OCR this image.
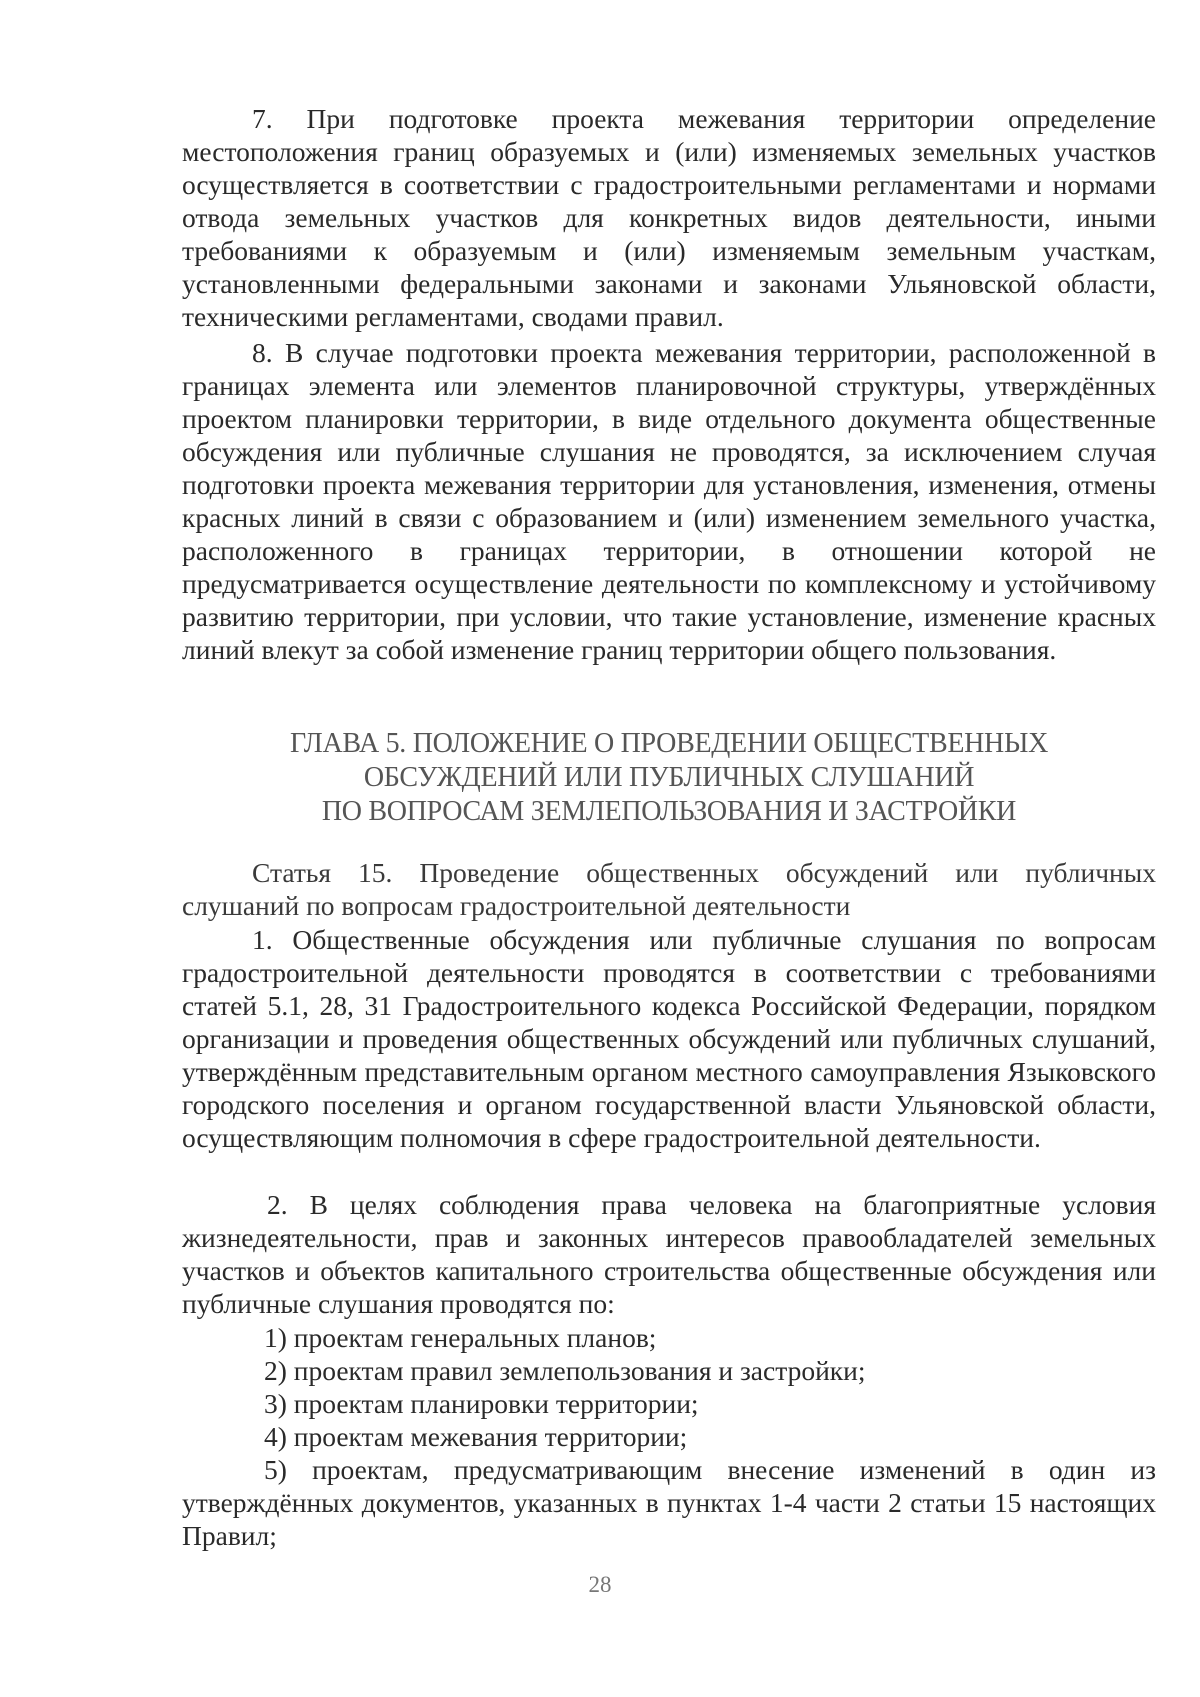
7. При подготовке проекта межевания территории определение местоположения границ образуемых и (или) изменяемых земельных участков осуществляется в соответствии с градостроительными регламентами и нормами отвода земельных участков для конкретных видов деятельности, иными требованиями к образуемым и (или) изменяемым земельным участкам, установленными федеральными законами и законами Ульяновской области, техническими регламентами, сводами правил.

8. В случае подготовки проекта межевания территории, расположенной в границах элемента или элементов планировочной структуры, утверждённых проектом планировки территории, в виде отдельного документа общественные обсуждения или публичные слушания не проводятся, за исключением случая подготовки проекта межевания территории для установления, изменения, отмены красных линий в связи с образованием и (или) изменением земельного участка, расположенного в границах территории, в отношении которой не предусматривается осуществление деятельности по комплексному и устойчивому развитию территории, при условии, что такие установление, изменение красных линий влекут за собой изменение границ территории общего пользования.

ГЛАВА 5. ПОЛОЖЕНИЕ О ПРОВЕДЕНИИ ОБЩЕСТВЕННЫХ
ОБСУЖДЕНИЙ ИЛИ ПУБЛИЧНЫХ СЛУШАНИЙ
ПО ВОПРОСАМ ЗЕМЛЕПОЛЬЗОВАНИЯ И ЗАСТРОЙКИ

Статья 15. Проведение общественных обсуждений или публичных слушаний по вопросам градостроительной деятельности

1. Общественные обсуждения или публичные слушания по вопросам градостроительной деятельности проводятся в соответствии с требованиями статей 5.1, 28, 31 Градостроительного кодекса Российской Федерации, порядком организации и проведения общественных обсуждений или публичных слушаний, утверждённым представительным органом местного самоуправления Языковского городского поселения и органом государственной власти Ульяновской области, осуществляющим полномочия в сфере градостроительной деятельности.

2. В целях соблюдения права человека на благоприятные условия жизнедеятельности, прав и законных интересов правообладателей земельных участков и объектов капитального строительства общественные обсуждения или публичные слушания проводятся по:

1) проектам генеральных планов;
2) проектам правил землепользования и застройки;
3) проектам планировки территории;
4) проектам межевания территории;
5) проектам, предусматривающим внесение изменений в один из утверждённых документов, указанных в пунктах 1-4 части 2 статьи 15 настоящих Правил;
28
